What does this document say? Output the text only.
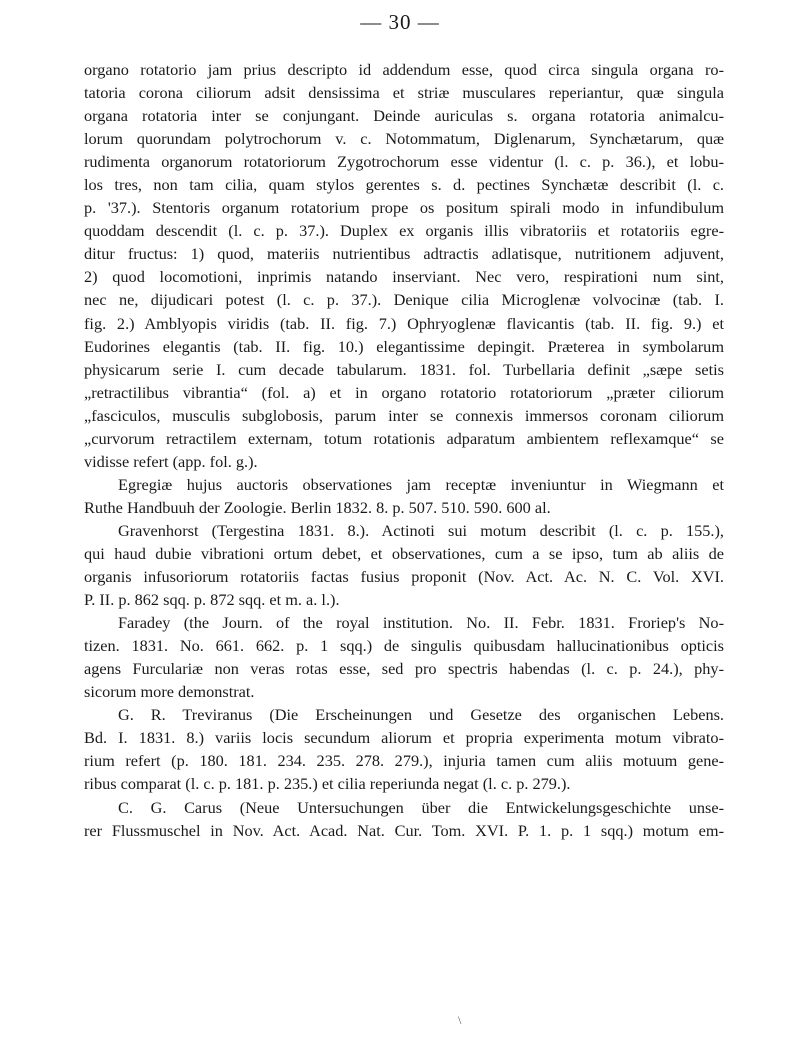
— 30 —
organo rotatorio jam prius descripto id addendum esse, quod circa singula organa ro-
tatoria corona ciliorum adsit densissima et striæ musculares reperiantur, quæ singula
organa rotatoria inter se conjungant. Deinde auriculas s. organa rotatoria animalcu-
lorum quorundam polytrochorum v. c. Notommatum, Diglenarum, Synchætarum, quæ
rudimenta organorum rotatoriorum Zygotrochorum esse videntur (l. c. p. 36.), et lobu-
los tres, non tam cilia, quam stylos gerentes s. d. pectines Synchætæ describit (l. c.
p. '37.). Stentoris organum rotatorium prope os positum spirali modo in infundibulum
quoddam descendit (l. c. p. 37.). Duplex ex organis illis vibratoriis et rotatoriis egre-
ditur fructus: 1) quod, materiis nutrientibus adtractis adlatisque, nutritionem adjuvent,
2) quod locomotioni, inprimis natando inserviant. Nec vero, respirationi num sint,
nec ne, dijudicari potest (l. c. p. 37.). Denique cilia Microglenæ volvocinæ (tab. I.
fig. 2.) Amblyopis viridis (tab. II. fig. 7.) Ophryoglenæ flavicantis (tab. II. fig. 9.) et
Eudorines elegantis (tab. II. fig. 10.) elegantissime depingit. Præterea in symbolarum
physicarum serie I. cum decade tabularum. 1831. fol. Turbellaria definit „sæpe setis
„retractilibus vibrantia“ (fol. a) et in organo rotatorio rotatoriorum „præter ciliorum
„fasciculos, musculis subglobosis, parum inter se connexis immersos coronam ciliorum
„curvorum retractilem externam, totum rotationis adparatum ambientem reflexamque“ se
vidisse refert (app. fol. g.).
Egregiæ hujus auctoris observationes jam receptæ inveniuntur in Wiegmann et
Ruthe Handbuuh der Zoologie. Berlin 1832. 8. p. 507. 510. 590. 600 al.
Gravenhorst (Tergestina 1831. 8.). Actinoti sui motum describit (l. c. p. 155.),
qui haud dubie vibrationi ortum debet, et observationes, cum a se ipso, tum ab aliis de
organis infusoriorum rotatoriis factas fusius proponit (Nov. Act. Ac. N. C. Vol. XVI.
P. II. p. 862 sqq. p. 872 sqq. et m. a. l.).
Faradey (the Journ. of the royal institution. No. II. Febr. 1831. Froriep's No-
tizen. 1831. No. 661. 662. p. 1 sqq.) de singulis quibusdam hallucinationibus opticis
agens Furculariæ non veras rotas esse, sed pro spectris habendas (l. c. p. 24.), phy-
sicorum more demonstrat.
G. R. Treviranus (Die Erscheinungen und Gesetze des organischen Lebens.
Bd. I. 1831. 8.) variis locis secundum aliorum et propria experimenta motum vibrato-
rium refert (p. 180. 181. 234. 235. 278. 279.), injuria tamen cum aliis motuum gene-
ribus comparat (l. c. p. 181. p. 235.) et cilia reperiunda negat (l. c. p. 279.).
C. G. Carus (Neue Untersuchungen über die Entwickelungsgeschichte unse-
rer Flussmuschel in Nov. Act. Acad. Nat. Cur. Tom. XVI. P. 1. p. 1 sqq.) motum em-
\
